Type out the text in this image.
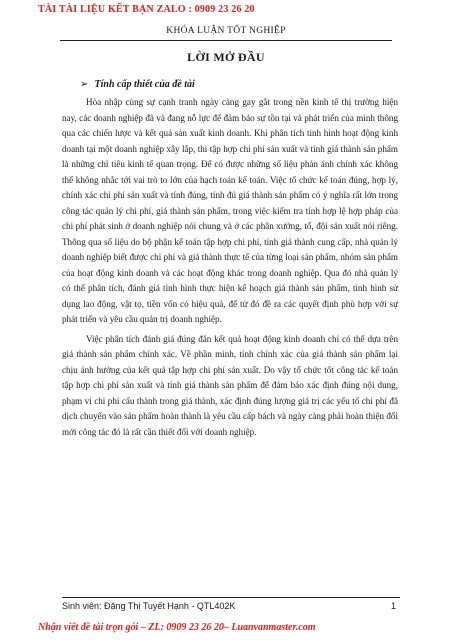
TÀI TÀI LIỆU KẾT BẠN ZALO : 0909 23 26 20
KHÓA LUẬN TỐT NGHIỆP
LỜI MỞ ĐẦU
➢ Tính cấp thiết của đề tài

Hòa nhập cùng sự cạnh tranh ngày càng gay gắt trong nền kinh tế thị trường hiện nay, các doanh nghiệp đã và đang nỗ lực để đảm bảo sự tồn tại và phát triển của mình thông qua các chiến lược và kết quả sản xuất kinh doanh. Khi phân tích tình hình hoạt động kinh doanh tại một doanh nghiệp xây lắp, thì tập hợp chi phí sản xuất và tính giá thành sản phẩm là những chỉ tiêu kinh tế quan trọng. Để có được những số liệu phản ánh chính xác không thể không nhắc tới vai trò to lớn của hạch toán kế toán. Việc tổ chức kế toán đúng, hợp lý, chính xác chi phí sản xuất và tính đúng, tính đủ giá thành sản phẩm có ý nghĩa rất lớn trong công tác quản lý chi phí, giá thành sản phẩm, trong việc kiểm tra tính hợp lệ hợp pháp của chi phí phát sinh ở doanh nghiệp nói chung và ở các phân xưởng, tổ, đội sản xuất nói riêng. Thông qua số liệu do bộ phận kế toán tập hợp chi phí, tính giá thành cung cấp, nhà quản lý doanh nghiệp biết được chi phí và giá thành thực tế của từng loại sản phẩm, nhóm sản phẩm của hoạt động kinh doanh và các hoạt động khác trong doanh nghiệp. Qua đó nhà quản lý có thể phân tích, đánh giá tình hình thực hiện kế hoạch giá thành sản phẩm, tình hình sử dụng lao động, vật tọ, tiền vốn có hiệu quả, để từ đó đề ra các quyết định phù hợp với sự phát triển và yêu cầu quản trị doanh nghiệp.

Việc phân tích đánh giá đúng đắn kết quả hoạt động kinh doanh chỉ có thể dựa trên giá thành sản phẩm chính xác. Về phần mình, tính chính xác của giá thành sản phẩm lại chịu ảnh hưởng của kết quả tập hợp chi phí sản xuất. Do vậy tổ chức tốt công tác kế toán tập hợp chi phí sản xuất và tính giá thành sản phẩm để đảm bảo xác định đúng nội dung, phạm vi chi phí cấu thành trong giá thành, xác định đúng lượng giá trị các yếu tố chi phí đã dịch chuyển vào sản phẩm hoàn thành là yêu cầu cấp bách và ngày càng phải hoàn thiện đổi mới công tác đó là rất cần thiết đối với doanh nghiệp.

Sinh viên: Đặng Thị Tuyết Hạnh - QTL402K	1
Nhận viết đề tài trọn gói – ZL: 0909 23 26 20– Luanvanmaster.com
